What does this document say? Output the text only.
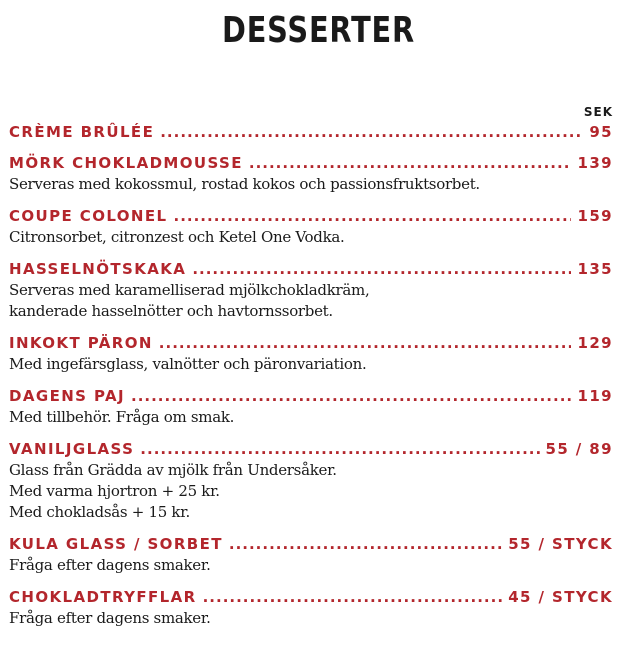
DESSERTER
SEK
CRÈME BRÛLÉE .....	95
MÖRK CHOKLADMOUSSE .....	139
Serveras med kokossmul, rostad kokos och passionsfruktsorbet.
COUPE COLONEL .....	159
Citronsorbet, citronzest och Ketel One Vodka.
HASSELNÖTSKAKA .....	135
Serveras med karamelliserad mjölkchokladkräm,
kanderade hasselnötter och havtornssorbet.
INKOKT PÄRON .....	129
Med ingefärsglass, valnötter och päronvariation.
DAGENS PAJ .....	119
Med tillbehör. Fråga om smak.
VANILJGLASS .....	55 / 89
Glass från Grädda av mjölk från Undersåker.
Med varma hjortron + 25 kr.
Med chokladsås + 15 kr.
KULA GLASS / SORBET .....	55 / STYCK
Fråga efter dagens smaker.
CHOKLADTRYFFLAR .....	45 / STYCK
Fråga efter dagens smaker.
